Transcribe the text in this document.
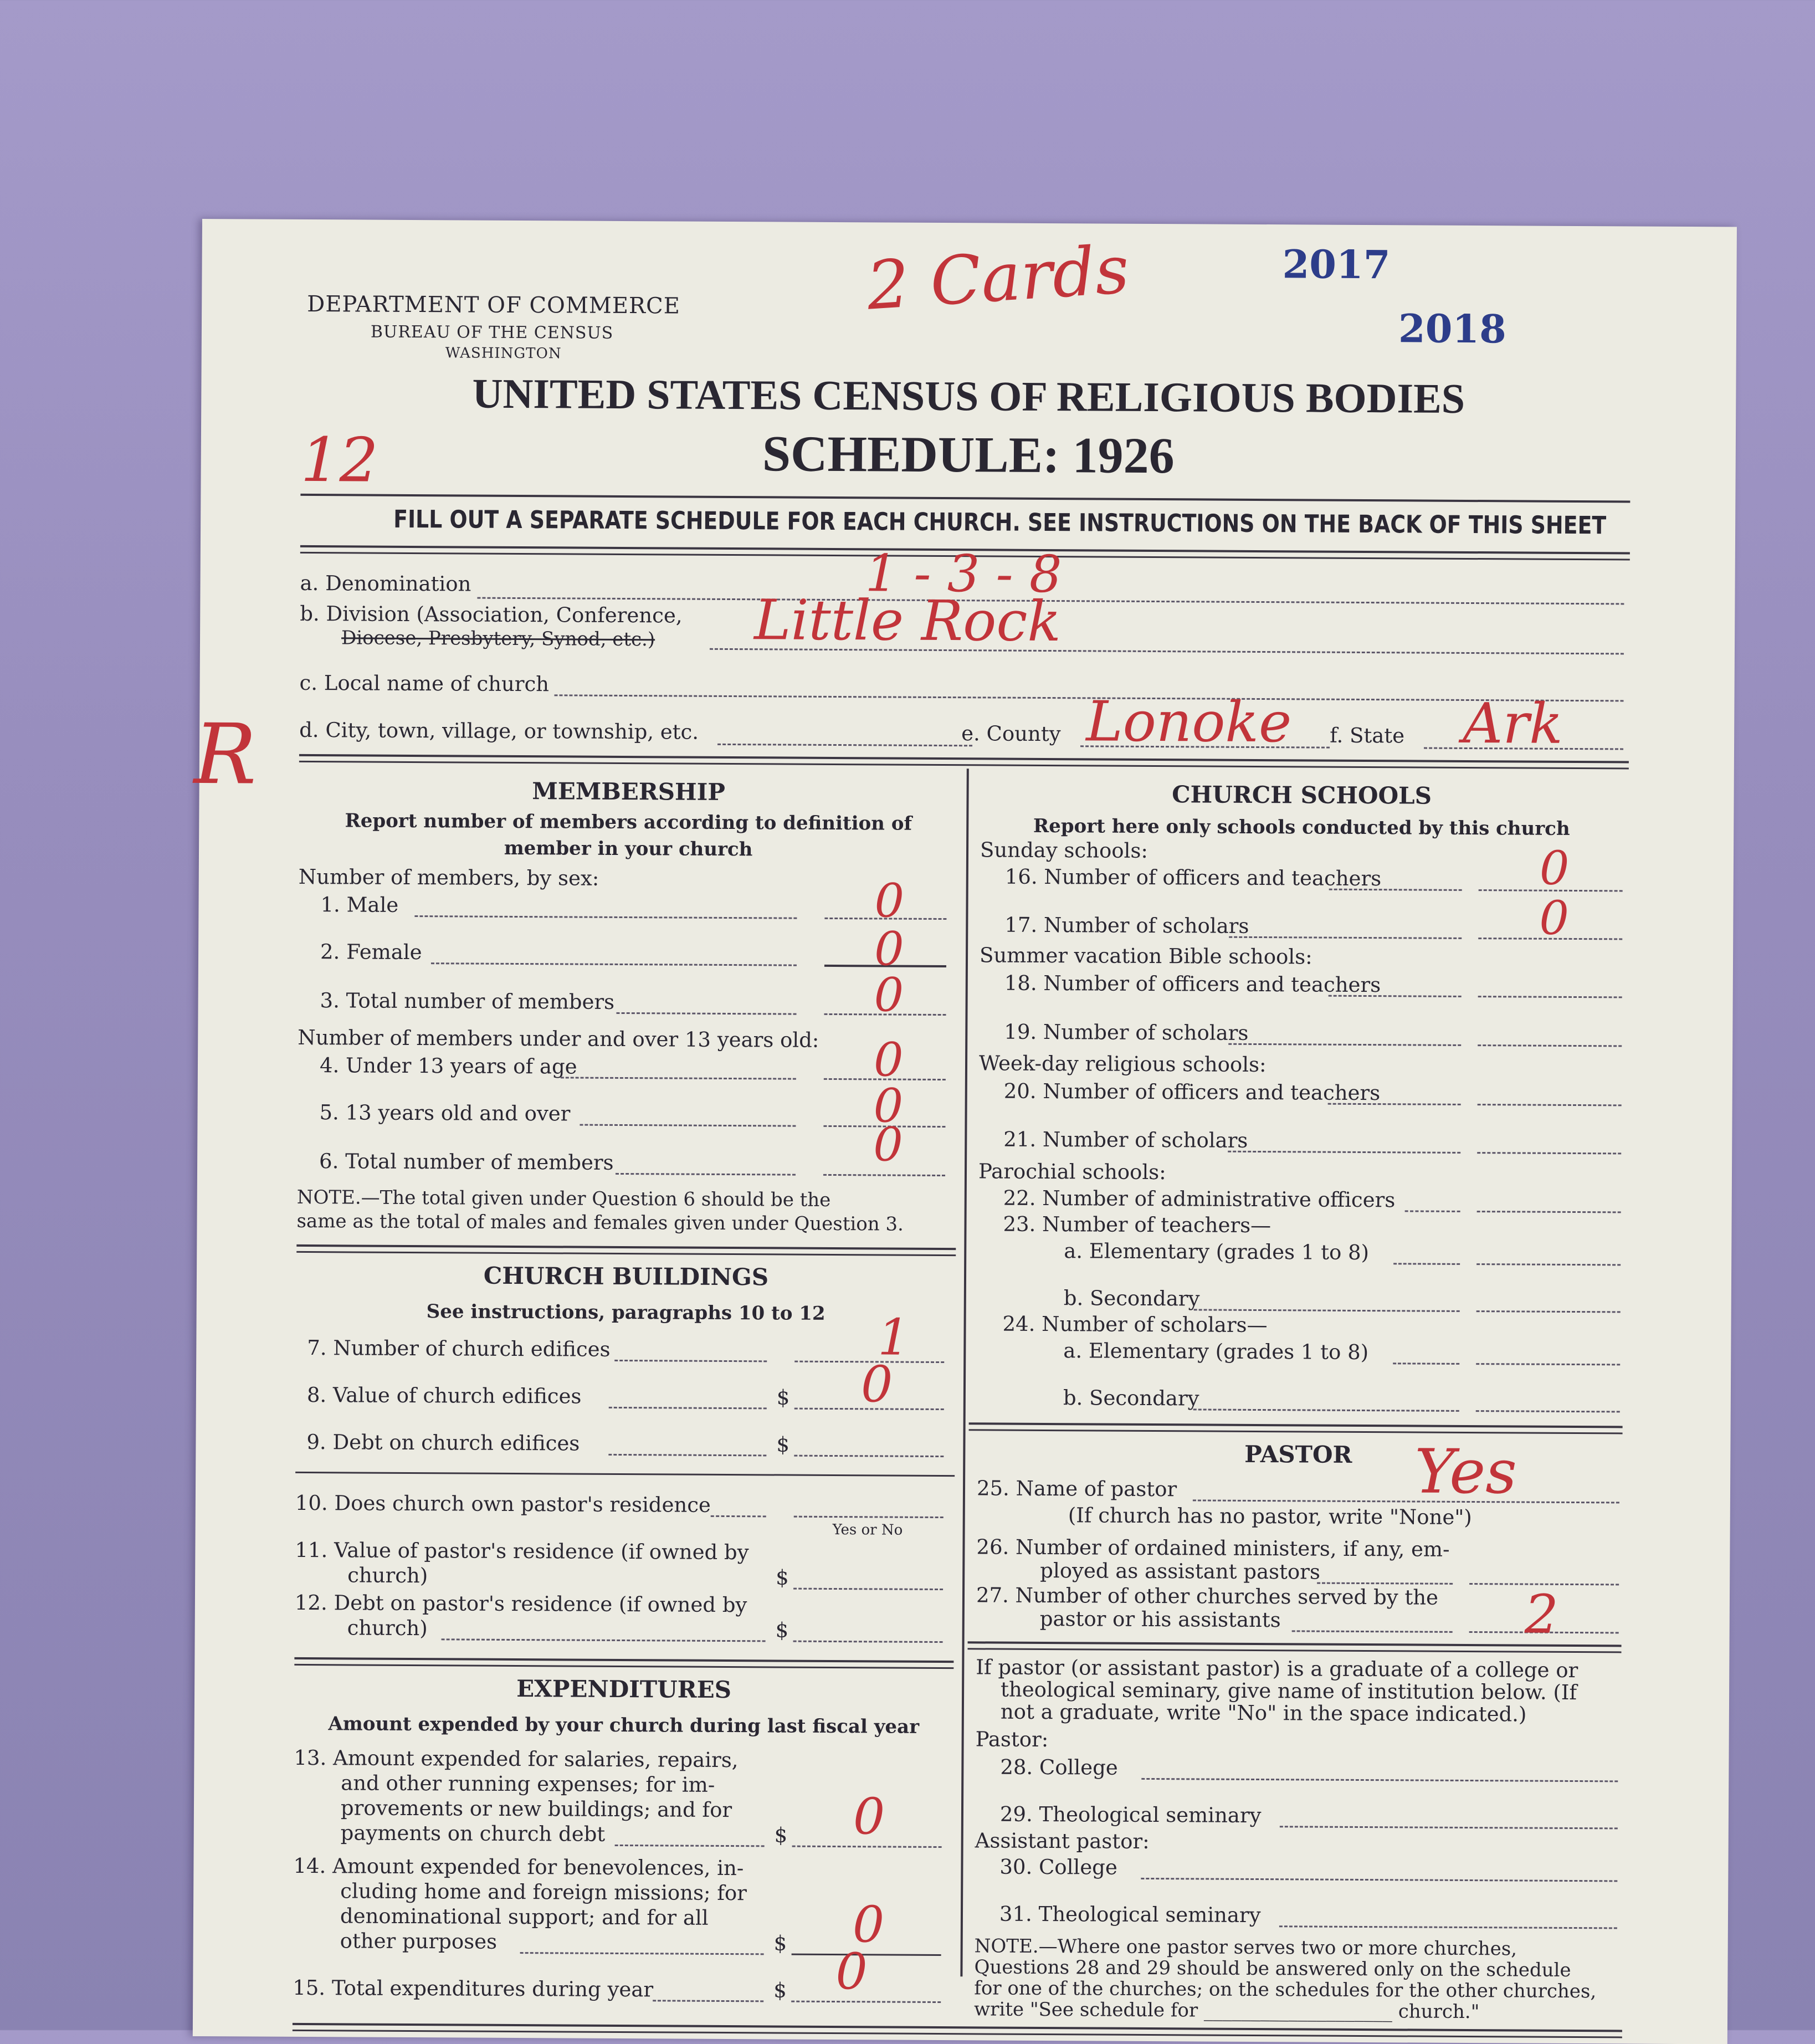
DEPARTMENT OF COMMERCE
BUREAU OF THE CENSUS
WASHINGTON
2 Cards	2017
2018
UNITED STATES CENSUS OF RELIGIOUS BODIES
SCHEDULE: 1926
12
FILL OUT A SEPARATE SCHEDULE FOR EACH CHURCH. SEE INSTRUCTIONS ON THE BACK OF THIS SHEET
a. Denomination	1 - 3 - 8
b. Division (Association, Conference,
Diocese, Presbytery, Synod, etc.) Little Rock
c. Local name of church
d. City, town, village, or township, etc.	e. County Lonoke f. State Ark
R	MEMBERSHIP
Report number of members according to definition of
member in your church
Number of members, by sex:
1. Male	0
2. Female	0
3. Total number of members	0
Number of members under and over 13 years old:
4. Under 13 years of age	0
5. 13 years old and over	0
6. Total number of members	0
NOTE.—The total given under Question 6 should be the
same as the total of males and females given under Question 3.
CHURCH BUILDINGS
See instructions, paragraphs 10 to 12
7. Number of church edifices	1
8. Value of church edifices	$ 0
9. Debt on church edifices	$
10. Does church own pastor's residence
Yes or No
11. Value of pastor's residence (if owned by
church)	$
12. Debt on pastor's residence (if owned by
church)	$
EXPENDITURES
Amount expended by your church during last fiscal year
13. Amount expended for salaries, repairs,
and other running expenses; for im-
provements or new buildings; and for
payments on church debt	$ 0
14. Amount expended for benevolences, in-
cluding home and foreign missions; for
denominational support; and for all
other purposes	$ 0
15. Total expenditures during year	$ 0
CHURCH SCHOOLS
Report here only schools conducted by this church
Sunday schools:
16. Number of officers and teachers	0
17. Number of scholars	0
Summer vacation Bible schools:
18. Number of officers and teachers
19. Number of scholars
Week-day religious schools:
20. Number of officers and teachers
21. Number of scholars
Parochial schools:
22. Number of administrative officers
23. Number of teachers—
a. Elementary (grades 1 to 8)
b. Secondary
24. Number of scholars—
a. Elementary (grades 1 to 8)
b. Secondary
PASTOR
25. Name of pastor	Yes
(If church has no pastor, write "None")
26. Number of ordained ministers, if any, em-
ployed as assistant pastors
27. Number of other churches served by the
pastor or his assistants	2
If pastor (or assistant pastor) is a graduate of a college or
theological seminary, give name of institution below. (If
not a graduate, write "No" in the space indicated.)
Pastor:
28. College
29. Theological seminary
Assistant pastor:
30. College
31. Theological seminary
NOTE.—Where one pastor serves two or more churches,
Questions 28 and 29 should be answered only on the schedule
for one of the churches; on the schedules for the other churches,
write "See schedule for ____________________ church."
